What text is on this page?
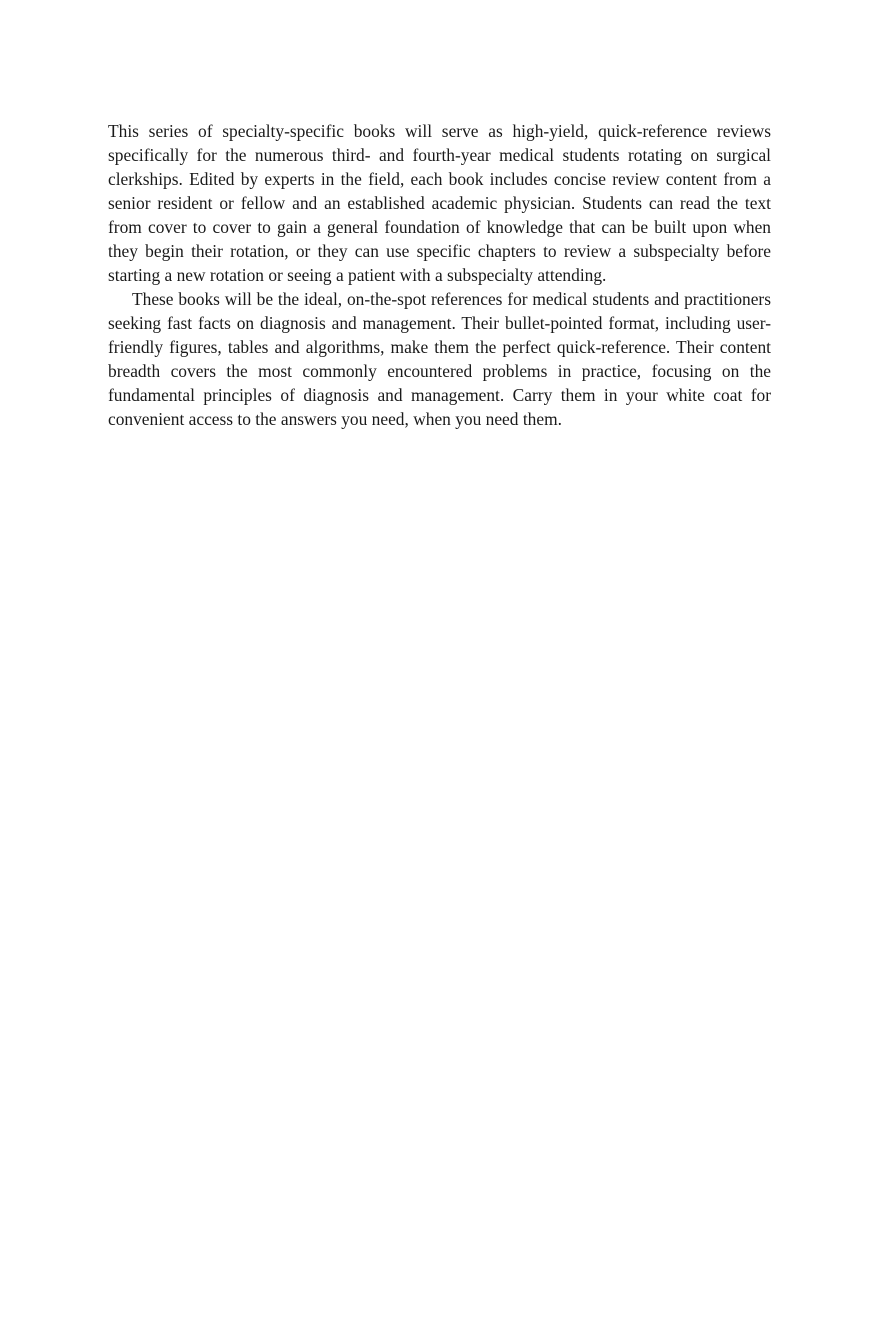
This series of specialty-specific books will serve as high-yield, quick-reference reviews specifically for the numerous third- and fourth-year medical students rotating on surgical clerkships. Edited by experts in the field, each book includes concise review content from a senior resident or fellow and an established academic physician. Students can read the text from cover to cover to gain a general foundation of knowledge that can be built upon when they begin their rotation, or they can use specific chapters to review a subspecialty before starting a new rotation or seeing a patient with a subspecialty attending.

These books will be the ideal, on-the-spot references for medical students and practitioners seeking fast facts on diagnosis and management. Their bullet-pointed format, including user-friendly figures, tables and algorithms, make them the perfect quick-reference. Their content breadth covers the most commonly encountered problems in practice, focusing on the fundamental principles of diagnosis and management. Carry them in your white coat for convenient access to the answers you need, when you need them.
